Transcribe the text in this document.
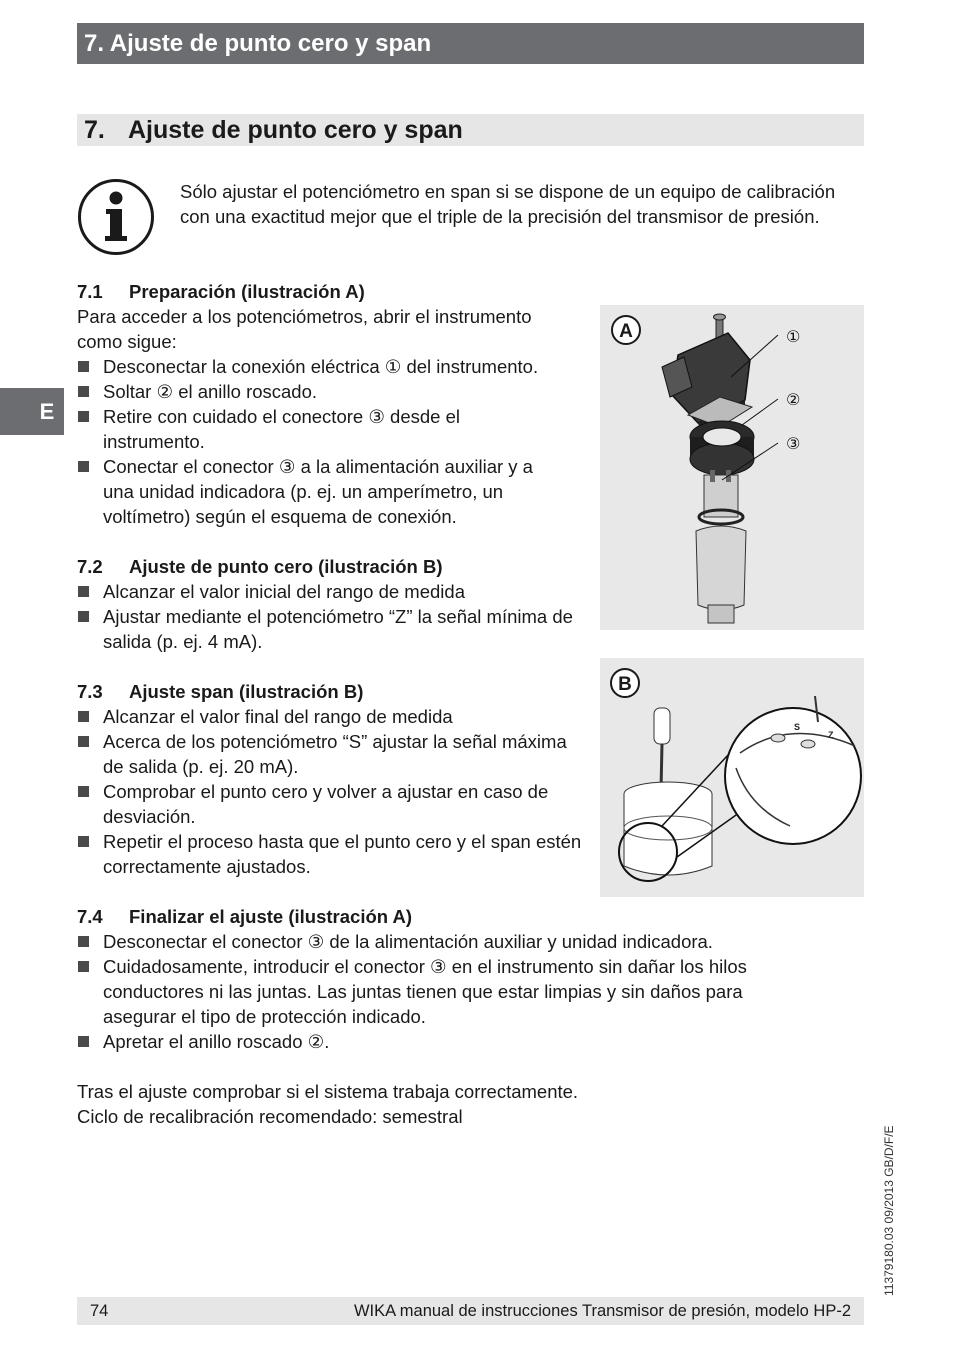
7. Ajuste de punto cero y span
7. Ajuste de punto cero y span
E
Sólo ajustar el potenciómetro en span si se dispone de un equipo de calibración con una exactitud mejor que el triple de la precisión del transmisor de presión.
7.1 Preparación (ilustración A)
Para acceder a los potenciómetros, abrir el instrumento como sigue:
Desconectar la conexión eléctrica ① del instrumento.
Soltar ② el anillo roscado.
Retire con cuidado el conectore ③ desde el instrumento.
Conectar el conector ③ a la alimentación auxiliar y a una unidad indicadora (p. ej. un amperímetro, un voltímetro) según el esquema de conexión.
7.2 Ajuste de punto cero (ilustración B)
Alcanzar el valor inicial del rango de medida
Ajustar mediante el potenciómetro “Z” la señal mínima de salida (p. ej. 4 mA).
7.3 Ajuste span (ilustración B)
Alcanzar el valor final del rango de medida
Acerca de los potenciómetro “S” ajustar la señal máxima de salida (p. ej. 20 mA).
Comprobar el punto cero y volver a ajustar en caso de desviación.
Repetir el proceso hasta que el punto cero y el span estén correctamente ajustados.
7.4 Finalizar el ajuste (ilustración A)
Desconectar el conector ③ de la alimentación auxiliar y unidad indicadora.
Cuidadosamente, introducir el conector ③ en el instrumento sin dañar los hilos conductores ni las juntas. Las juntas tienen que estar limpias y sin daños para asegurar el tipo de protección indicado.
Apretar el anillo roscado ②.
Tras el ajuste comprobar si el sistema trabaja correctamente.
Ciclo de recalibración recomendado: semestral
A	①
②
③
B
S
Z
74	WIKA manual de instrucciones Transmisor de presión, modelo HP-2
11379180.03 09/2013 GB/D/F/E
